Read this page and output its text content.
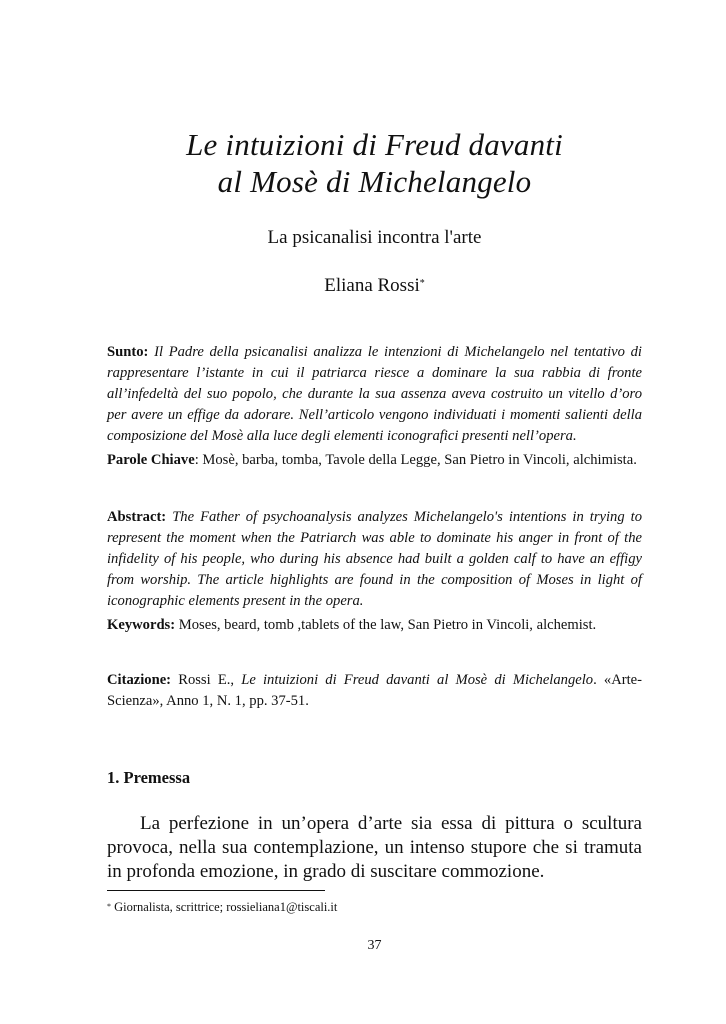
Le intuizioni di Freud davanti
al Mosè di Michelangelo
La psicanalisi incontra l'arte
Eliana Rossi*
Sunto: Il Padre della psicanalisi analizza le intenzioni di Michelangelo nel tentativo di rappresentare l’istante in cui il patriarca riesce a dominare la sua rabbia di fronte all’infedeltà del suo popolo, che durante la sua assenza aveva costruito un vitello d’oro per avere un effige da adorare. Nell’articolo vengono individuati i momenti salienti della composizione del Mosè alla luce degli elementi iconografici presenti nell’opera.
Parole Chiave: Mosè, barba, tomba, Tavole della Legge, San Pietro in Vincoli, alchimista.
Abstract: The Father of psychoanalysis analyzes Michelangelo's intentions in trying to represent the moment when the Patriarch was able to dominate his anger in front of the infidelity of his people, who during his absence had built a golden calf to have an effigy from worship. The article highlights are found in the composition of Moses in light of iconographic elements present in the opera.
Keywords: Moses, beard, tomb ,tablets of the law, San Pietro in Vincoli, alchemist.
Citazione: Rossi E., Le intuizioni di Freud davanti al Mosè di Michelangelo. «ArteScienza», Anno 1, N. 1, pp. 37-51.
1. Premessa
La perfezione in un’opera d’arte sia essa di pittura o scultura provoca, nella sua contemplazione, un intenso stupore che si tramuta in profonda emozione, in grado di suscitare commozione.
* Giornalista, scrittrice; rossieliana1@tiscali.it
37
